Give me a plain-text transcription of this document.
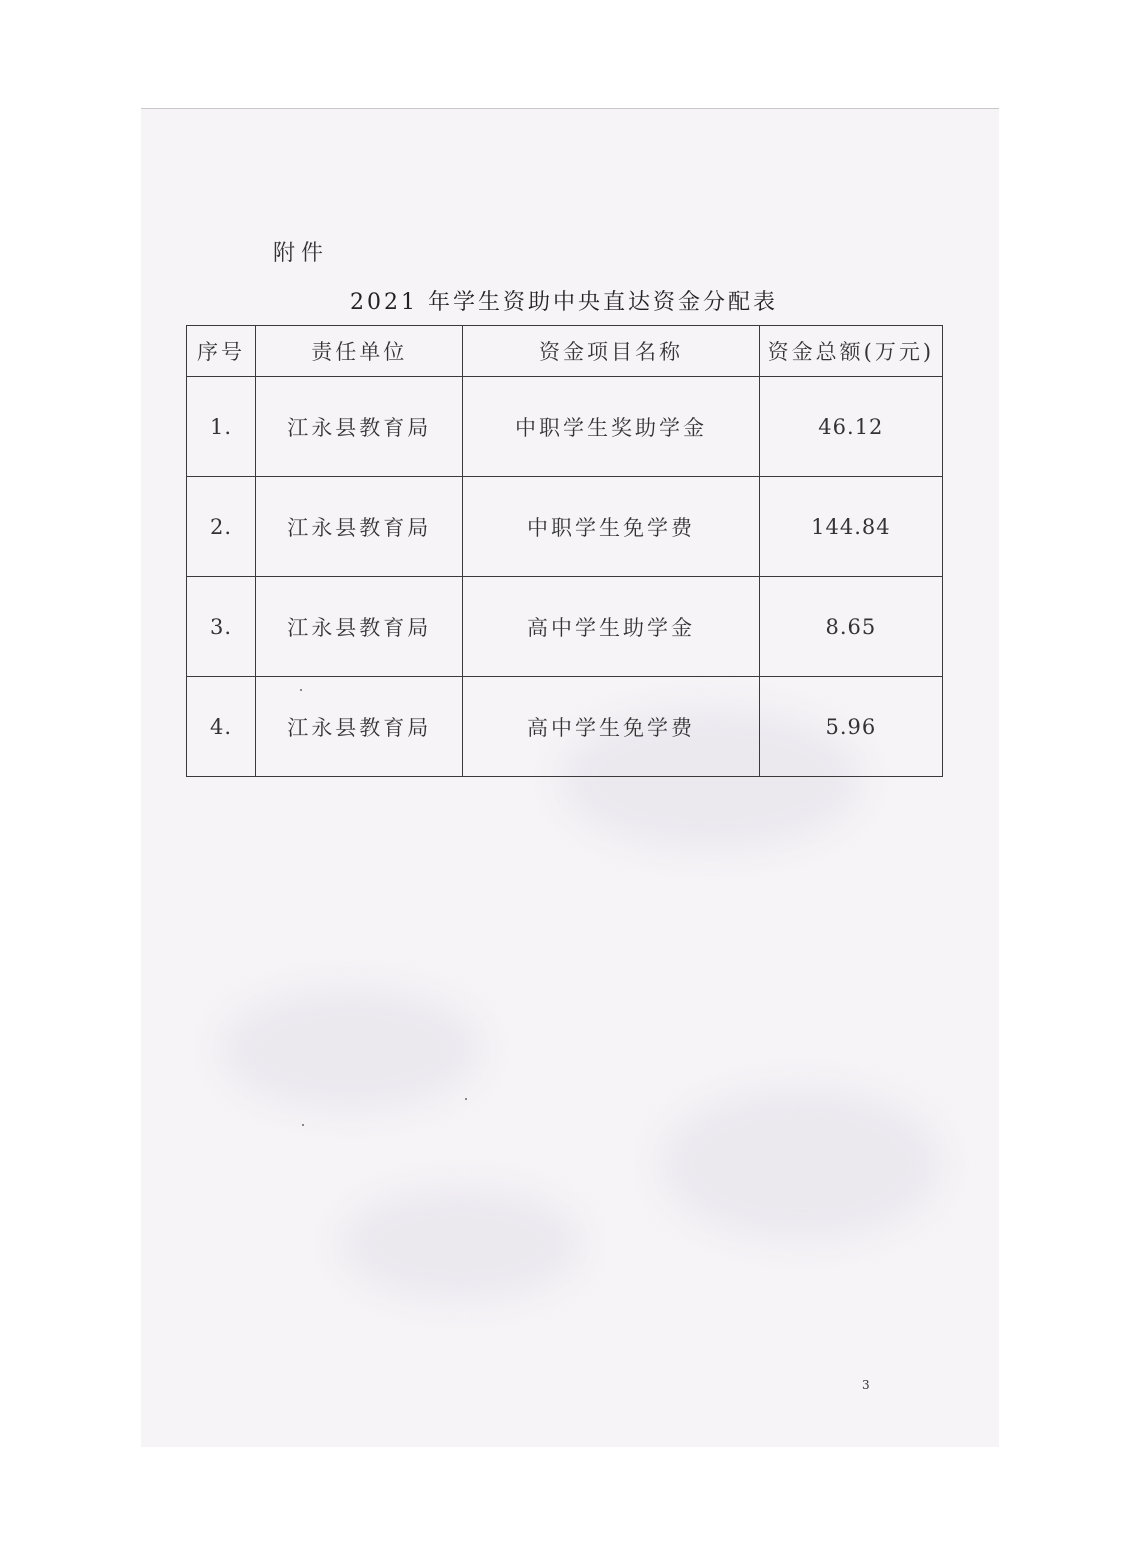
附件
2021 年学生资助中央直达资金分配表
序号	责任单位	资金项目名称	资金总额(万元)
1.	江永县教育局	中职学生奖助学金	46.12
2.	江永县教育局	中职学生免学费	144.84
3.	江永县教育局	高中学生助学金	8.65
4.	江永县教育局	高中学生免学费	5.96
3
